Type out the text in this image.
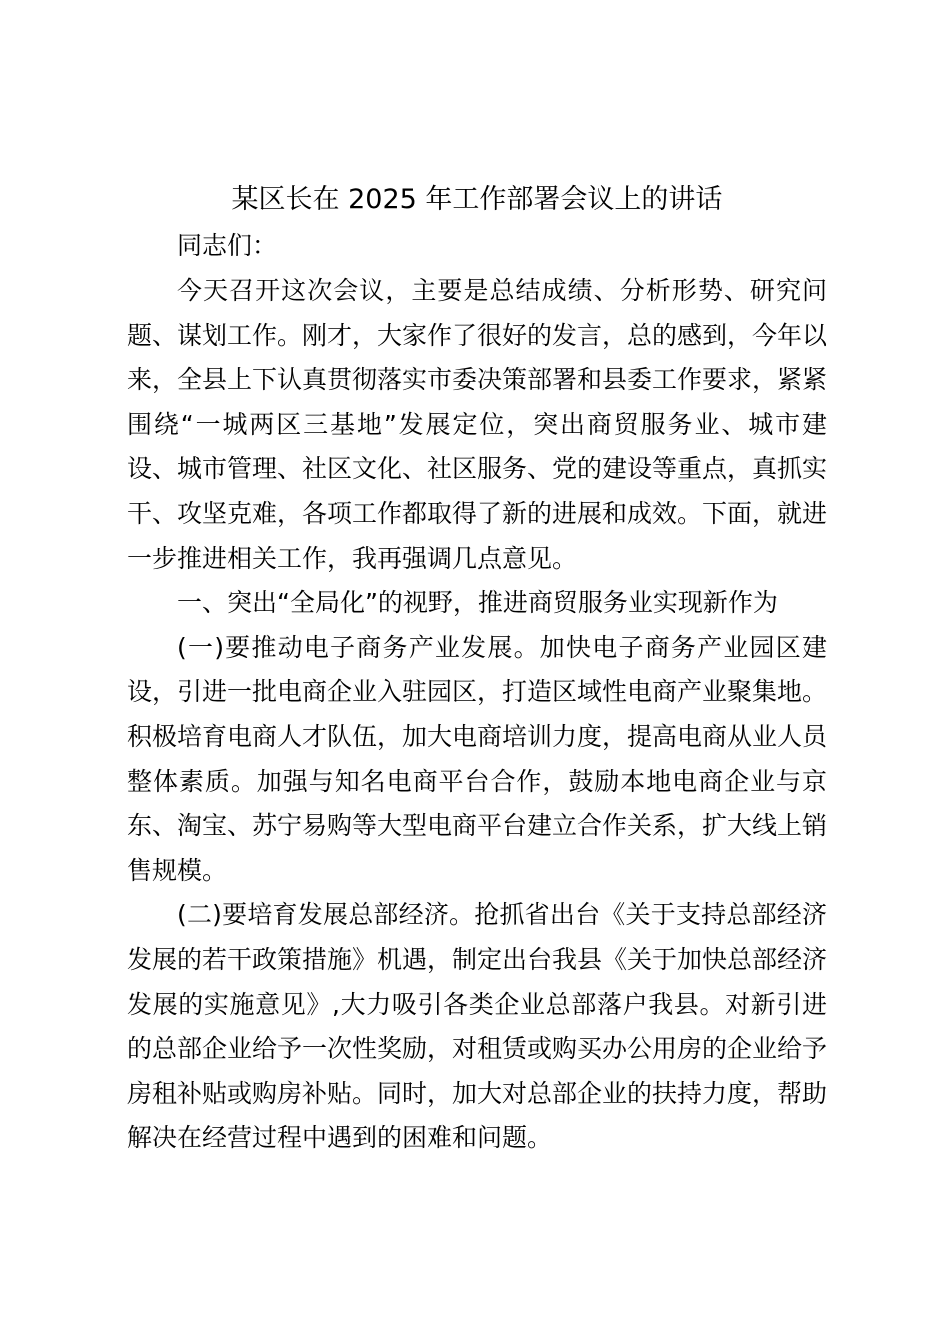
某区长在 2025 年工作部署会议上的讲话

同志们：

今天召开这次会议，主要是总结成绩、分析形势、研究问题、谋划工作。刚才，大家作了很好的发言，总的感到，今年以来，全县上下认真贯彻落实市委决策部署和县委工作要求，紧紧围绕“一城两区三基地”发展定位，突出商贸服务业、城市建设、城市管理、社区文化、社区服务、党的建设等重点，真抓实干、攻坚克难，各项工作都取得了新的进展和成效。下面，就进一步推进相关工作，我再强调几点意见。

一、突出“全局化”的视野，推进商贸服务业实现新作为

(一)要推动电子商务产业发展。加快电子商务产业园区建设，引进一批电商企业入驻园区，打造区域性电商产业聚集地。积极培育电商人才队伍，加大电商培训力度，提高电商从业人员整体素质。加强与知名电商平台合作，鼓励本地电商企业与京东、淘宝、苏宁易购等大型电商平台建立合作关系，扩大线上销售规模。

(二)要培育发展总部经济。抢抓省出台《关于支持总部经济发展的若干政策措施》机遇，制定出台我县《关于加快总部经济发展的实施意见》,大力吸引各类企业总部落户我县。对新引进的总部企业给予一次性奖励，对租赁或购买办公用房的企业给予房租补贴或购房补贴。同时，加大对总部企业的扶持力度，帮助解决在经营过程中遇到的困难和问题。
